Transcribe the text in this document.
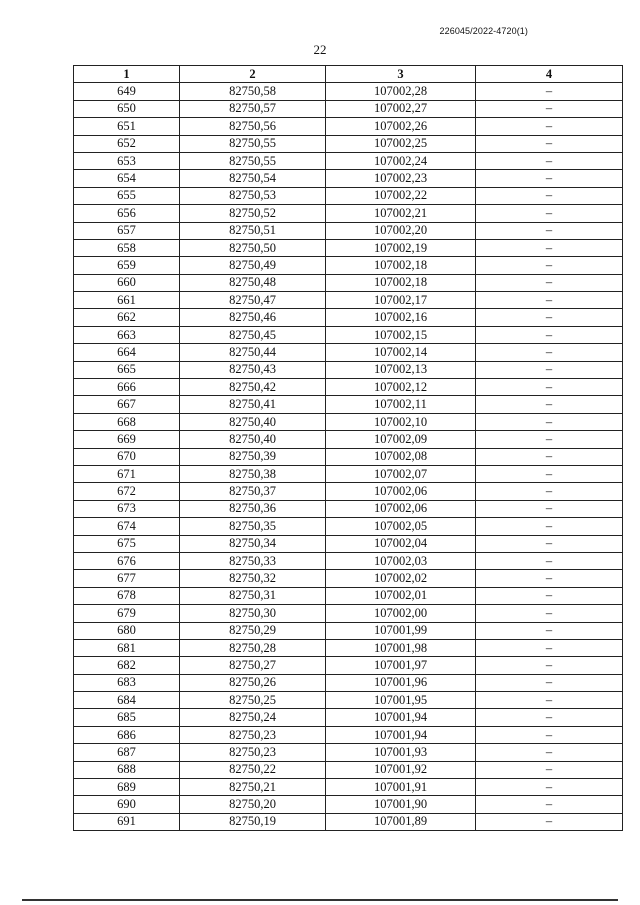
226045/2022-4720(1)
22
1	2	3	4
649	82750,58	107002,28	–
650	82750,57	107002,27	–
651	82750,56	107002,26	–
652	82750,55	107002,25	–
653	82750,55	107002,24	–
654	82750,54	107002,23	–
655	82750,53	107002,22	–
656	82750,52	107002,21	–
657	82750,51	107002,20	–
658	82750,50	107002,19	–
659	82750,49	107002,18	–
660	82750,48	107002,18	–
661	82750,47	107002,17	–
662	82750,46	107002,16	–
663	82750,45	107002,15	–
664	82750,44	107002,14	–
665	82750,43	107002,13	–
666	82750,42	107002,12	–
667	82750,41	107002,11	–
668	82750,40	107002,10	–
669	82750,40	107002,09	–
670	82750,39	107002,08	–
671	82750,38	107002,07	–
672	82750,37	107002,06	–
673	82750,36	107002,06	–
674	82750,35	107002,05	–
675	82750,34	107002,04	–
676	82750,33	107002,03	–
677	82750,32	107002,02	–
678	82750,31	107002,01	–
679	82750,30	107002,00	–
680	82750,29	107001,99	–
681	82750,28	107001,98	–
682	82750,27	107001,97	–
683	82750,26	107001,96	–
684	82750,25	107001,95	–
685	82750,24	107001,94	–
686	82750,23	107001,94	–
687	82750,23	107001,93	–
688	82750,22	107001,92	–
689	82750,21	107001,91	–
690	82750,20	107001,90	–
691	82750,19	107001,89	–
